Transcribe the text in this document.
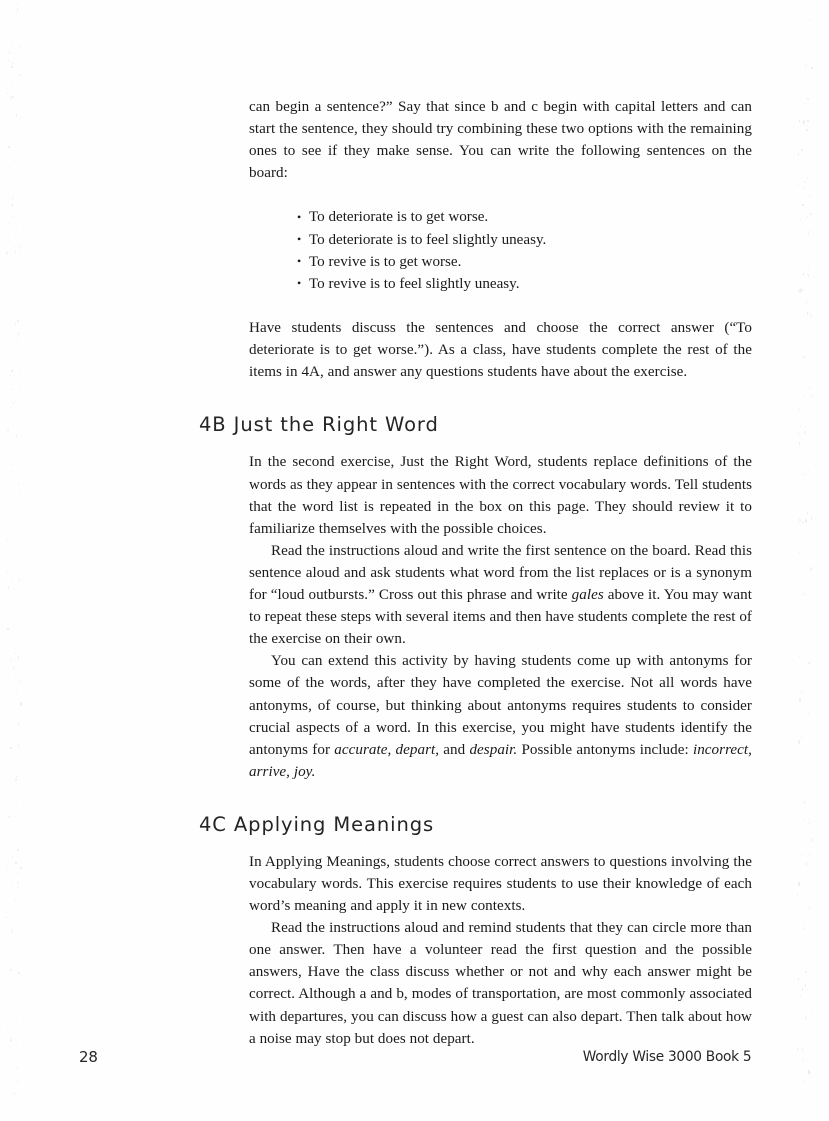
can begin a sentence?” Say that since b and c begin with capital letters and can start the sentence, they should try combining these two options with the remaining ones to see if they make sense. You can write the following sentences on the board:

• To deteriorate is to get worse.
• To deteriorate is to feel slightly uneasy.
• To revive is to get worse.
• To revive is to feel slightly uneasy.

Have students discuss the sentences and choose the correct answer (“To deteriorate is to get worse.”). As a class, have students complete the rest of the items in 4A, and answer any questions students have about the exercise.

4B Just the Right Word

In the second exercise, Just the Right Word, students replace definitions of the words as they appear in sentences with the correct vocabulary words. Tell students that the word list is repeated in the box on this page. They should review it to familiarize themselves with the possible choices.

Read the instructions aloud and write the first sentence on the board. Read this sentence aloud and ask students what word from the list replaces or is a synonym for “loud outbursts.” Cross out this phrase and write gales above it. You may want to repeat these steps with several items and then have students complete the rest of the exercise on their own.

You can extend this activity by having students come up with antonyms for some of the words, after they have completed the exercise. Not all words have antonyms, of course, but thinking about antonyms requires students to consider crucial aspects of a word. In this exercise, you might have students identify the antonyms for accurate, depart, and despair. Possible antonyms include: incorrect, arrive, joy.

4C Applying Meanings

In Applying Meanings, students choose correct answers to questions involving the vocabulary words. This exercise requires students to use their knowledge of each word’s meaning and apply it in new contexts.

Read the instructions aloud and remind students that they can circle more than one answer. Then have a volunteer read the first question and the possible answers, Have the class discuss whether or not and why each answer might be correct. Although a and b, modes of transportation, are most commonly associated with departures, you can discuss how a guest can also depart. Then talk about how a noise may stop but does not depart.

28	Wordly Wise 3000 Book 5
